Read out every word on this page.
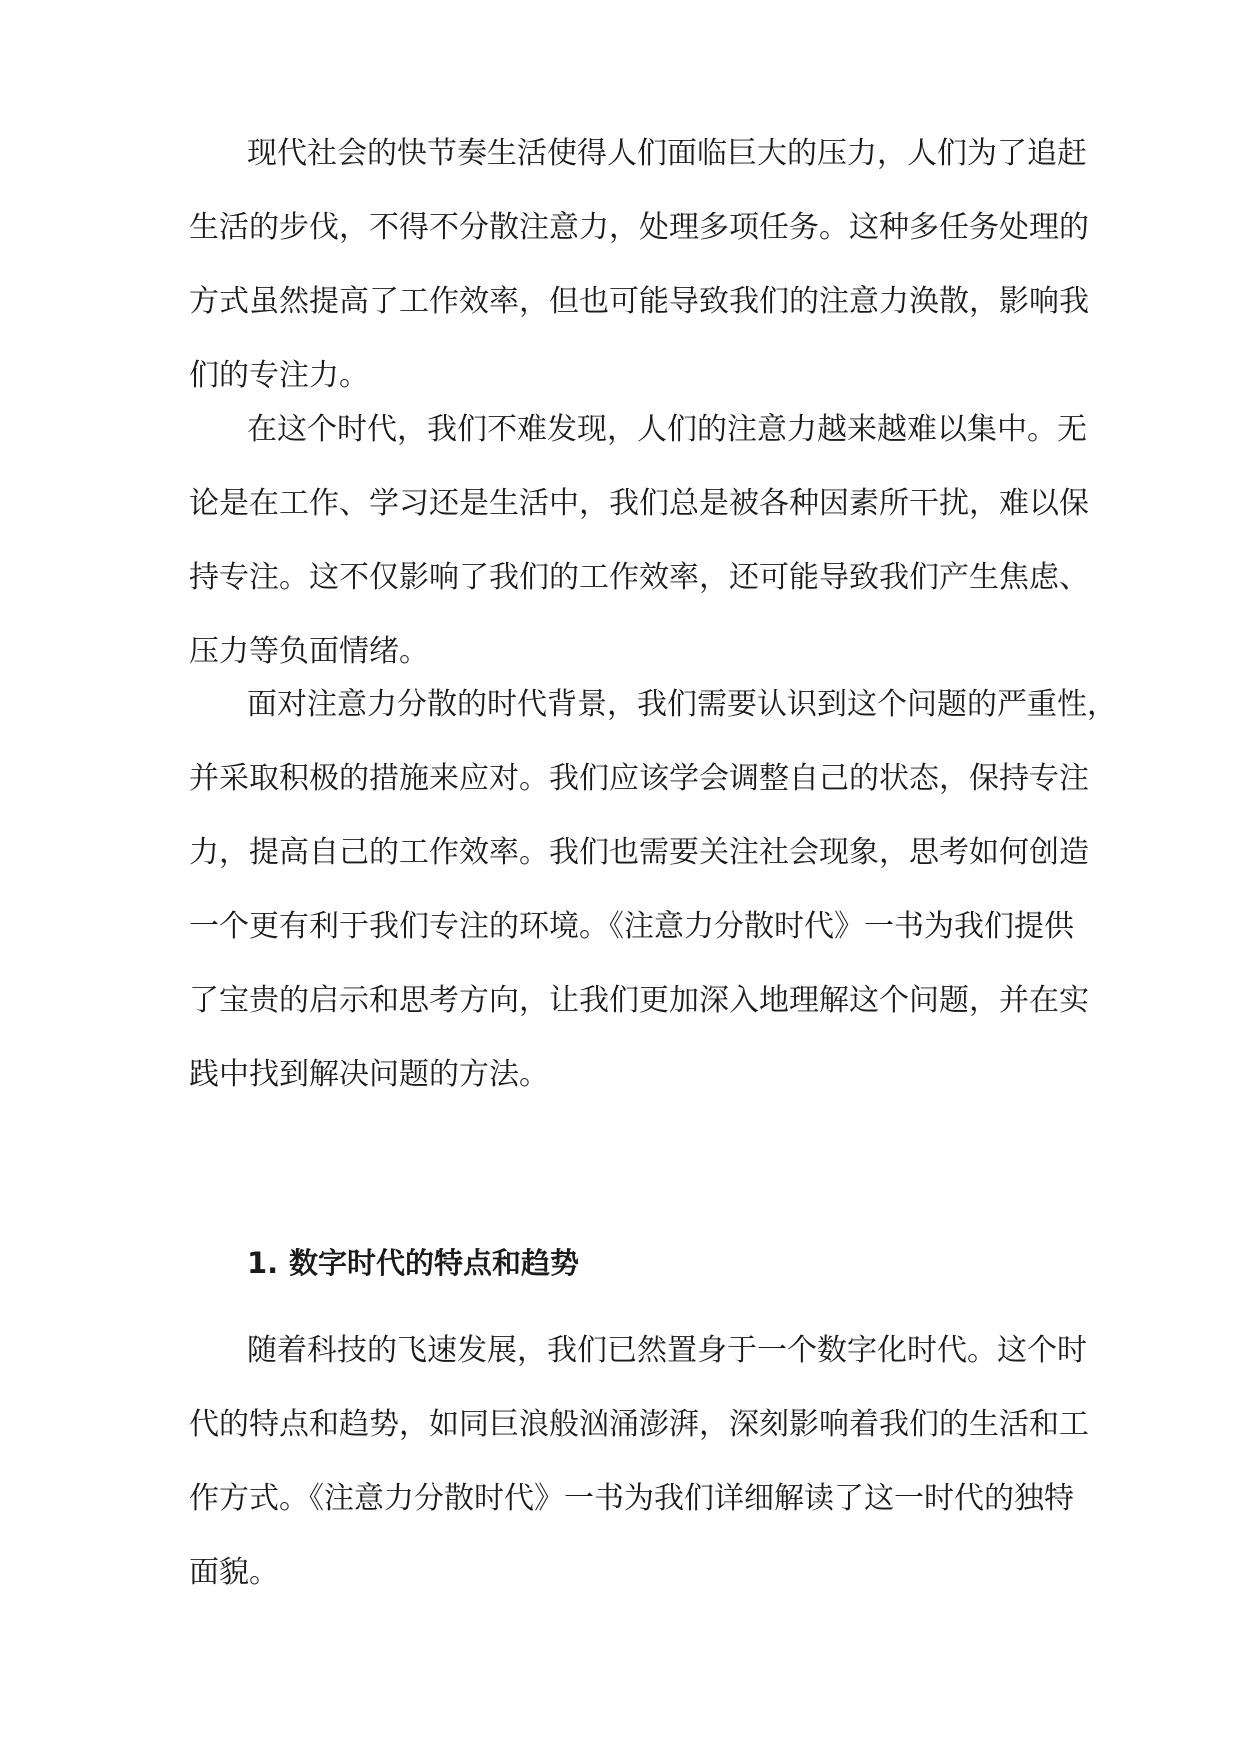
现代社会的快节奏生活使得人们面临巨大的压力，人们为了追赶
生活的步伐，不得不分散注意力，处理多项任务。这种多任务处理的
方式虽然提高了工作效率，但也可能导致我们的注意力涣散，影响我
们的专注力。
在这个时代，我们不难发现，人们的注意力越来越难以集中。无
论是在工作、学习还是生活中，我们总是被各种因素所干扰，难以保
持专注。这不仅影响了我们的工作效率，还可能导致我们产生焦虑、
压力等负面情绪。
面对注意力分散的时代背景，我们需要认识到这个问题的严重性，
并采取积极的措施来应对。我们应该学会调整自己的状态，保持专注
力，提高自己的工作效率。我们也需要关注社会现象，思考如何创造
一个更有利于我们专注的环境。《注意力分散时代》一书为我们提供
了宝贵的启示和思考方向，让我们更加深入地理解这个问题，并在实
践中找到解决问题的方法。
1. 数字时代的特点和趋势
随着科技的飞速发展，我们已然置身于一个数字化时代。这个时
代的特点和趋势，如同巨浪般汹涌澎湃，深刻影响着我们的生活和工
作方式。《注意力分散时代》一书为我们详细解读了这一时代的独特
面貌。
